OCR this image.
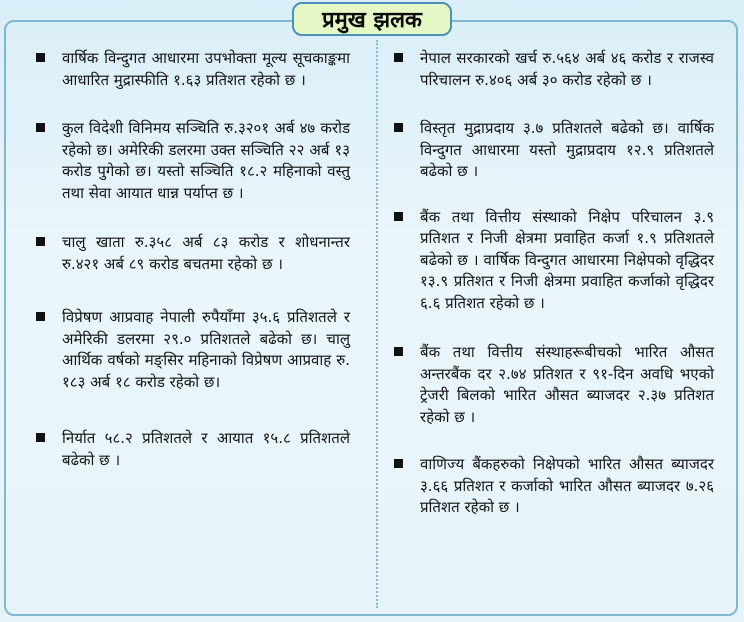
प्रमुख झलक
वार्षिक विन्दुगत आधारमा उपभोक्ता मूल्य सूचकाङ्कमा आधारित मुद्रास्फीति १.६३ प्रतिशत रहेको छ ।
कुल विदेशी विनिमय सञ्चिति रु.३२०१ अर्ब ४७ करोड रहेको छ। अमेरिकी डलरमा उक्त सञ्चिति २२ अर्ब १३ करोड पुगेको छ। यस्तो सञ्चिति १८.२ महिनाको वस्तु तथा सेवा आयात धान्न पर्याप्त छ ।
चालु खाता रु.३५८ अर्ब ८३ करोड र शोधनान्तर रु.४२१ अर्ब ८९ करोड बचतमा रहेको छ ।
विप्रेषण आप्रवाह नेपाली रुपैयाँमा ३५.६ प्रतिशतले र अमेरिकी डलरमा २९.० प्रतिशतले बढेको छ। चालु आर्थिक वर्षको मङ्सिर महिनाको विप्रेषण आप्रवाह रु. १८३ अर्ब १८ करोड रहेको छ।
निर्यात ५८.२ प्रतिशतले र आयात १५.८ प्रतिशतले बढेको छ ।
नेपाल सरकारको खर्च रु.५६४ अर्ब ४६ करोड र राजस्व परिचालन रु.४०६ अर्ब ३० करोड रहेको छ ।
विस्तृत मुद्राप्रदाय ३.७ प्रतिशतले बढेको छ। वार्षिक विन्दुगत आधारमा यस्तो मुद्राप्रदाय १२.९ प्रतिशतले बढेको छ ।
बैंक तथा वित्तीय संस्थाको निक्षेप परिचालन ३.९ प्रतिशत र निजी क्षेत्रमा प्रवाहित कर्जा १.९ प्रतिशतले बढेको छ । वार्षिक विन्दुगत आधारमा निक्षेपको वृद्धिदर १३.९ प्रतिशत र निजी क्षेत्रमा प्रवाहित कर्जाको वृद्धिदर ६.६ प्रतिशत रहेको छ ।
बैंक तथा वित्तीय संस्थाहरूबीचको भारित औसत अन्तरबैंक दर २.७४ प्रतिशत र ९१-दिन अवधि भएको ट्रेजरी बिलको भारित औसत ब्याजदर २.३७ प्रतिशत रहेको छ ।
वाणिज्य बैंकहरुको निक्षेपको भारित औसत ब्याजदर ३.६६ प्रतिशत र कर्जाको भारित औसत ब्याजदर ७.२६ प्रतिशत रहेको छ ।
